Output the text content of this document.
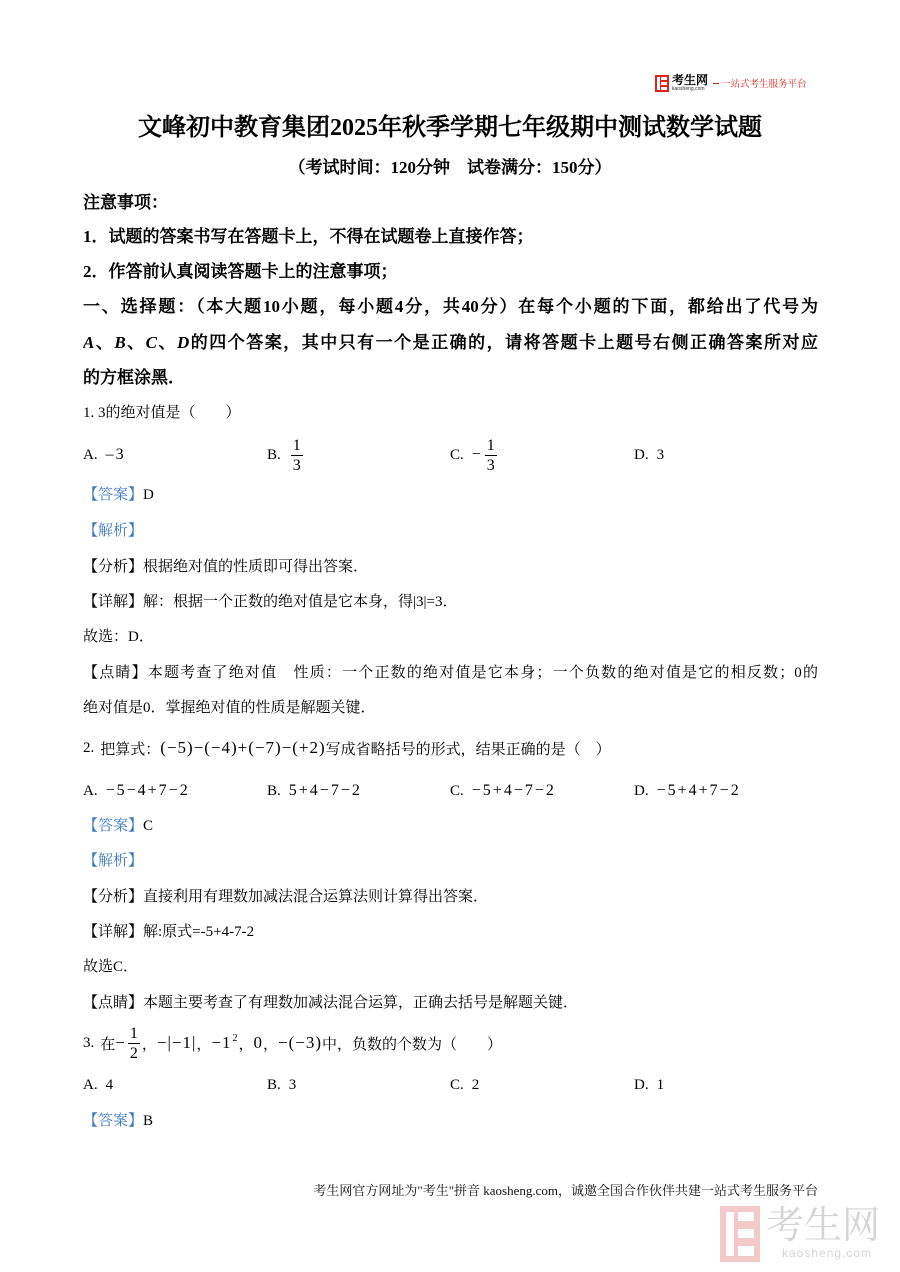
考生网
kaosheng.com	一站式考生服务平台
文峰初中教育集团2025年秋季学期七年级期中测试数学试题
（考试时间：120分钟　试卷满分：150分）
注意事项：
1．试题的答案书写在答题卡上，不得在试题卷上直接作答；
2．作答前认真阅读答题卡上的注意事项；
一、选择题：（本大题10小题，每小题4分，共40分）在每个小题的下面，都给出了代号为
A、B、C、D的四个答案，其中只有一个是正确的，请将答题卡上题号右侧正确答案所对应
的方框涂黑．
1. 3的绝对值是（　　）
A. –3	B. $\frac{1}{3}$	C. − $\frac{1}{3}$	D. 3
【答案】D
【解析】
【分析】根据绝对值的性质即可得出答案．
【详解】解：根据一个正数的绝对值是它本身，得|3|=3．
故选：D．
【点睛】本题考查了绝对值　性质：一个正数的绝对值是它本身；一个负数的绝对值是它的相反数；0的
绝对值是0．掌握绝对值的性质是解题关键．
2. 把算式： (−5)−(−4)+(−7)−(+2) 写成省略括号的形式，结果正确的是（　）
A. −5−4+7−2	B. 5+4−7−2	C. −5+4−7−2	D. −5+4+7−2
【答案】C
【解析】
【分析】直接利用有理数加减法混合运算法则计算得出答案．
【详解】解:原式=-5+4-7-2
故选C．
【点睛】本题主要考查了有理数加减法混合运算，正确去括号是解题关键．
3. 在 − $\frac{1}{2}$ ， −|−1| ， $-1^2$ ， 0 ， −(−3) 中，负数的个数为（　　）
A. 4	B. 3	C. 2	D. 1
【答案】B
考生网官方网址为"考生"拼音 kaosheng.com，诚邀全国合作伙伴共建一站式考生服务平台
考生网
kaosheng.com
